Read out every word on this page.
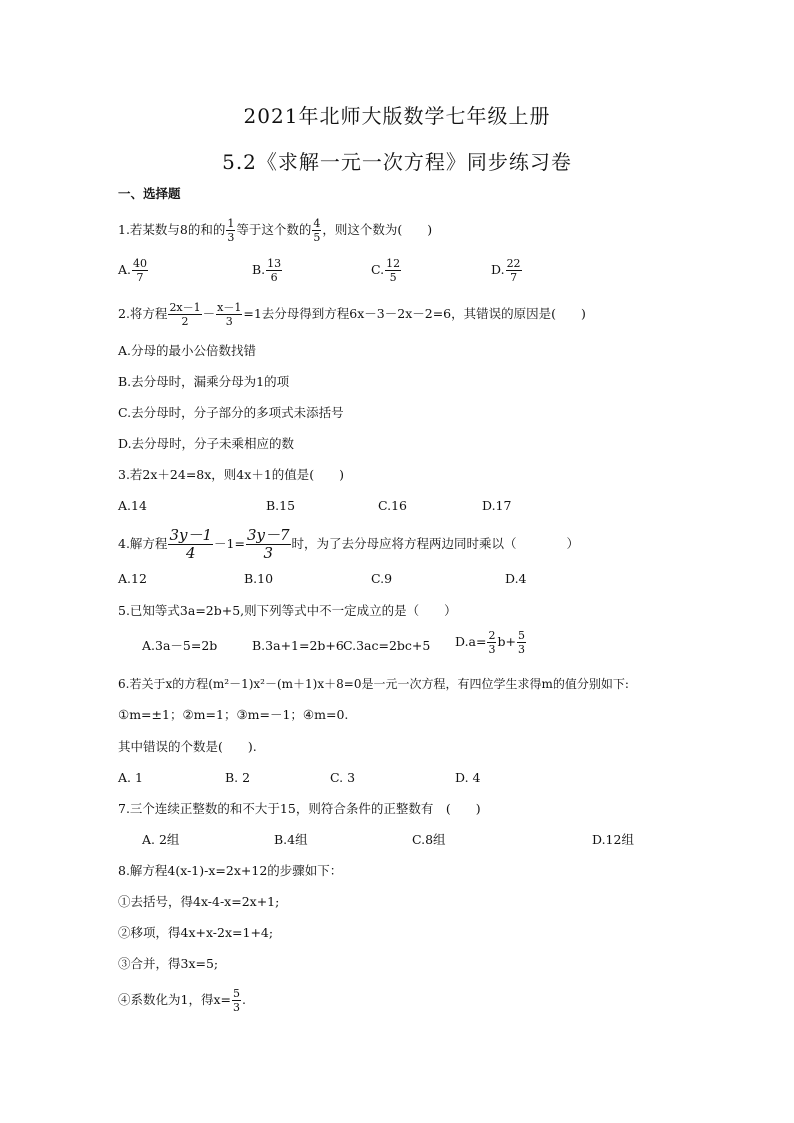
2021年北师大版数学七年级上册
5.2《求解一元一次方程》同步练习卷
一、选择题
1.若某数与8的和的 $\frac{1}{3}$ 等于这个数的 $\frac{4}{5}$ ，则这个数为(　　)
A. $\frac{40}{7}$	B. $\frac{13}{6}$	C. $\frac{12}{5}$	D. $\frac{22}{7}$
2.将方程 $\frac{2x-1}{2} - \frac{x-1}{3} =1$去分母得到方程6x－3－2x－2=6，其错误的原因是(　　)
A.分母的最小公倍数找错
B.去分母时，漏乘分母为1的项
C.去分母时，分子部分的多项式未添括号
D.去分母时，分子未乘相应的数
3.若2x＋24=8x，则4x＋1的值是(　　)
A.14	B.15	C.16	D.17
4.解方程 $\frac{3y-1}{4} -1= \frac{3y-7}{3}$ 时，为了去分母应将方程两边同时乘以（　　　　）
A.12	B.10	C.9	D.4
5.已知等式3a=2b+5,则下列等式中不一定成立的是（　　）
A.3a－5=2b	B.3a+1=2b+6 C.3ac=2bc+5 $D.a= \frac{2}{3} b+ \frac{5}{3}$
6.若关于x的方程(m²－1)x²－(m＋1)x＋8=0是一元一次方程，有四位学生求得m的值分别如下:
①m=±1；②m=1；③m=－1；④m=0.
其中错误的个数是(　　).
A. 1	B. 2	C. 3	D. 4
7.三个连续正整数的和不大于15，则符合条件的正整数有　(　　)
A. 2组	B.4组	C.8组	D.12组
8.解方程4(x-1)-x=2x+12的步骤如下：
①去括号，得4x-4-x=2x+1;
②移项，得4x+x-2x=1+4;
③合并，得3x=5;
④系数化为1，得$x= \frac{5}{3}$ .
